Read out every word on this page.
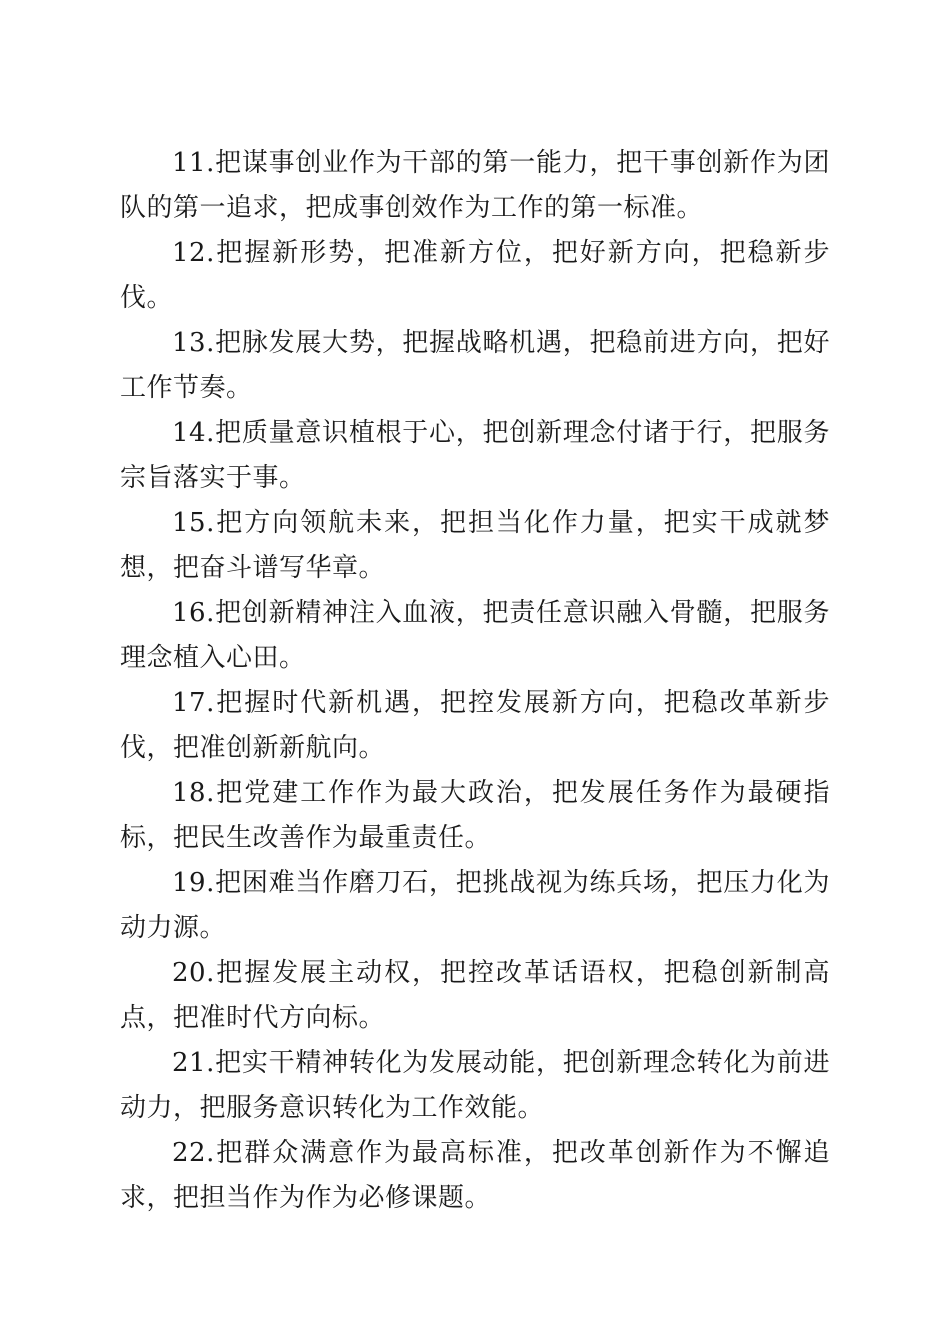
11.把谋事创业作为干部的第一能力，把干事创新作为团队的第一追求，把成事创效作为工作的第一标准。

12.把握新形势，把准新方位，把好新方向，把稳新步伐。

13.把脉发展大势，把握战略机遇，把稳前进方向，把好工作节奏。

14.把质量意识植根于心，把创新理念付诸于行，把服务宗旨落实于事。

15.把方向领航未来，把担当化作力量，把实干成就梦想，把奋斗谱写华章。

16.把创新精神注入血液，把责任意识融入骨髓，把服务理念植入心田。

17.把握时代新机遇，把控发展新方向，把稳改革新步伐，把准创新新航向。

18.把党建工作作为最大政治，把发展任务作为最硬指标，把民生改善作为最重责任。

19.把困难当作磨刀石，把挑战视为练兵场，把压力化为动力源。

20.把握发展主动权，把控改革话语权，把稳创新制高点，把准时代方向标。

21.把实干精神转化为发展动能，把创新理念转化为前进动力，把服务意识转化为工作效能。

22.把群众满意作为最高标准，把改革创新作为不懈追求，把担当作为作为必修课题。
